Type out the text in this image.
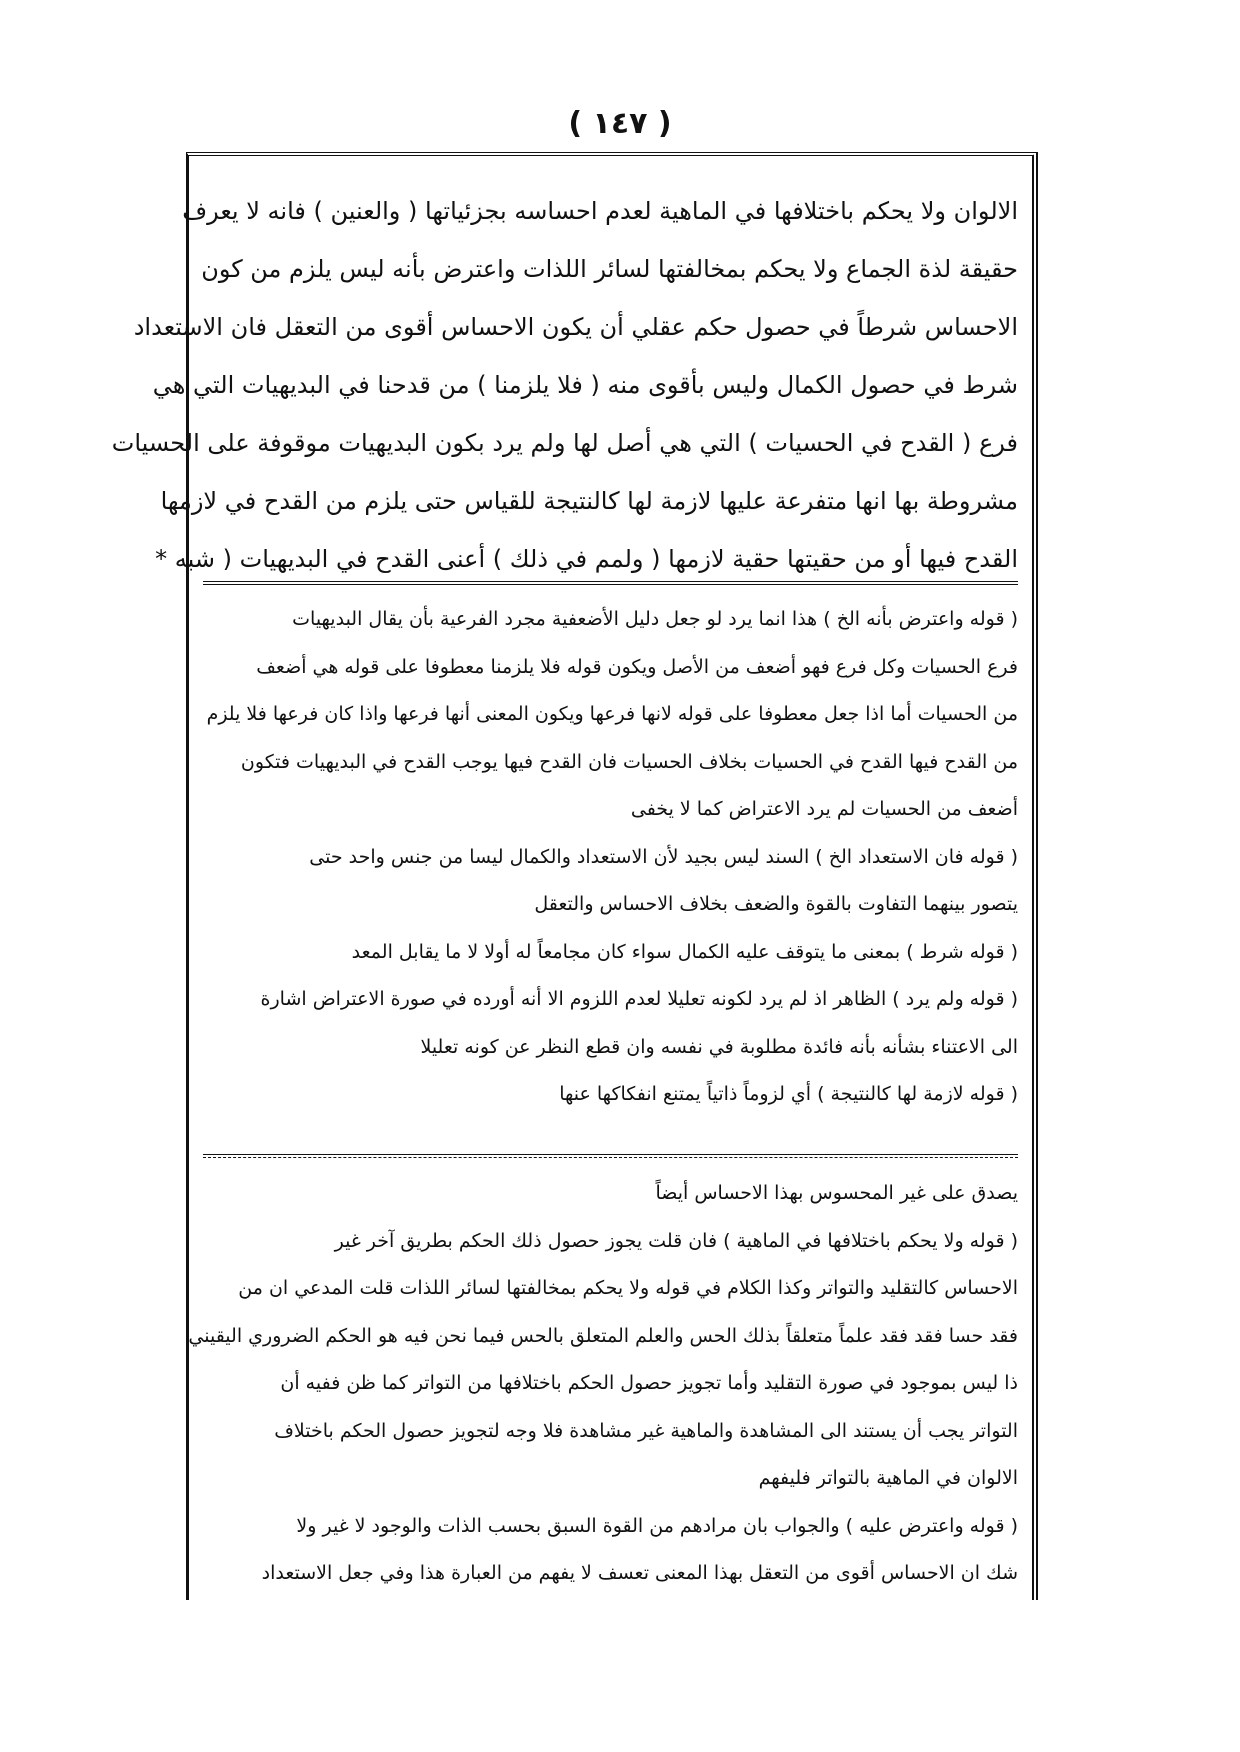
( ١٤٧ )
الالوان ولا يحكم باختلافها في الماهية لعدم احساسه بجزئياتها ( والعنين ) فانه لا يعرف
حقيقة لذة الجماع ولا يحكم بمخالفتها لسائر اللذات واعترض بأنه ليس يلزم من كون
الاحساس شرطاً في حصول حكم عقلي أن يكون الاحساس أقوى من التعقل فان الاستعداد
شرط في حصول الكمال وليس بأقوى منه ( فلا يلزمنا ) من قدحنا في البديهيات التي هي
فرع ( القدح في الحسيات ) التي هي أصل لها ولم يرد بكون البديهيات موقوفة على الحسيات
مشروطة بها انها متفرعة عليها لازمة لها كالنتيجة للقياس حتى يلزم من القدح في لازمها
القدح فيها أو من حقيتها حقية لازمها ( ولمم في ذلك ) أعنى القدح في البديهيات ( شبه *
( قوله واعترض بأنه الخ ) هذا انما يرد لو جعل دليل الأضعفية مجرد الفرعية بأن يقال البديهيات
فرع الحسيات وكل فرع فهو أضعف من الأصل ويكون قوله فلا يلزمنا معطوفا على قوله هي أضعف
من الحسيات أما اذا جعل معطوفا على قوله لانها فرعها ويكون المعنى أنها فرعها واذا كان فرعها فلا يلزم
من القدح فيها القدح في الحسيات بخلاف الحسيات فان القدح فيها يوجب القدح في البديهيات فتكون
أضعف من الحسيات لم يرد الاعتراض كما لا يخفى
( قوله فان الاستعداد الخ ) السند ليس بجيد لأن الاستعداد والكمال ليسا من جنس واحد حتى
يتصور بينهما التفاوت بالقوة والضعف بخلاف الاحساس والتعقل
( قوله شرط ) بمعنى ما يتوقف عليه الكمال سواء كان مجامعاً له أولا لا ما يقابل المعد
( قوله ولم يرد ) الظاهر اذ لم يرد لكونه تعليلا لعدم اللزوم الا أنه أورده في صورة الاعتراض اشارة
الى الاعتناء بشأنه بأنه فائدة مطلوبة في نفسه وان قطع النظر عن كونه تعليلا
( قوله لازمة لها كالنتيجة ) أي لزوماً ذاتياً يمتنع انفكاكها عنها
يصدق على غير المحسوس بهذا الاحساس أيضاً
( قوله ولا يحكم باختلافها في الماهية ) فان قلت يجوز حصول ذلك الحكم بطريق آخر غير
الاحساس كالتقليد والتواتر وكذا الكلام في قوله ولا يحكم بمخالفتها لسائر اللذات قلت المدعي ان من
فقد حسا فقد فقد علماً متعلقاً بذلك الحس والعلم المتعلق بالحس فيما نحن فيه هو الحكم الضروري اليقيني
ذا ليس بموجود في صورة التقليد وأما تجويز حصول الحكم باختلافها من التواتر كما ظن ففيه أن
التواتر يجب أن يستند الى المشاهدة والماهية غير مشاهدة فلا وجه لتجويز حصول الحكم باختلاف
الالوان في الماهية بالتواتر فليفهم
( قوله واعترض عليه ) والجواب بان مرادهم من القوة السبق بحسب الذات والوجود لا غير ولا
شك ان الاحساس أقوى من التعقل بهذا المعنى تعسف لا يفهم من العبارة هذا وفي جعل الاستعداد
